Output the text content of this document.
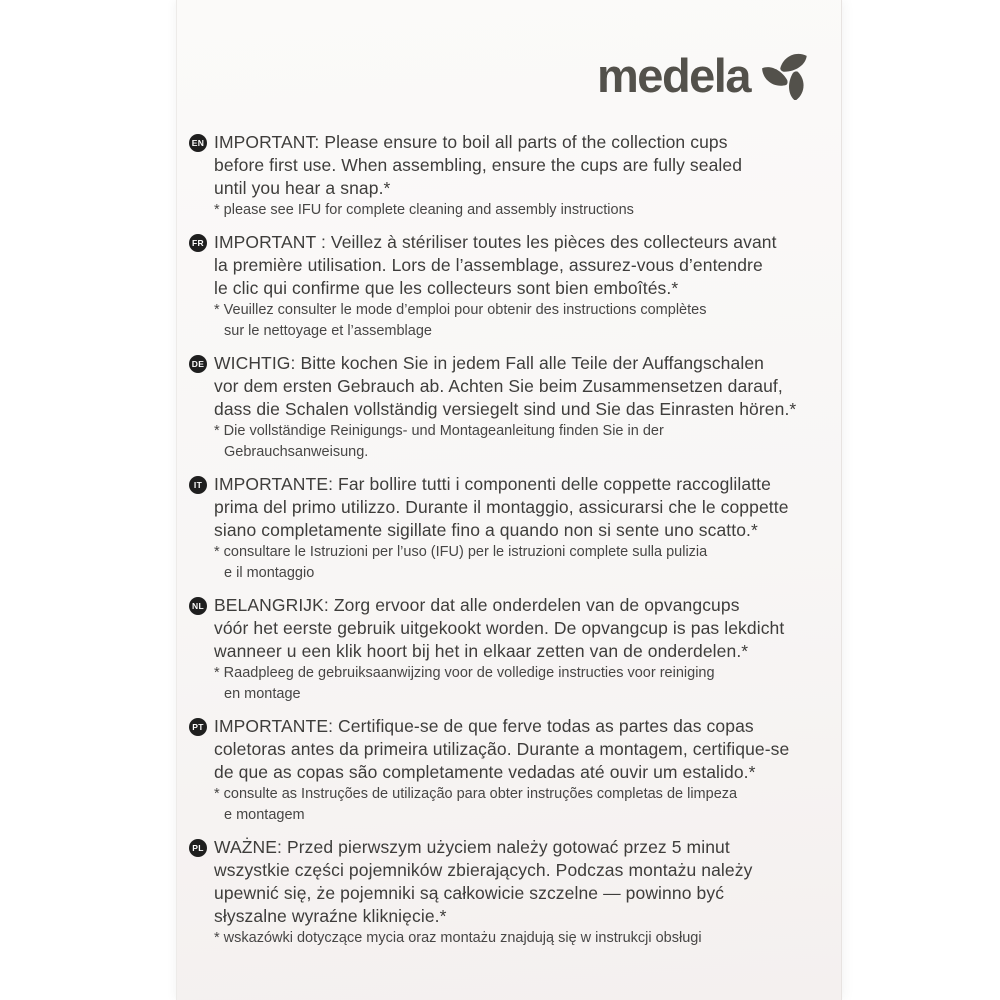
medela
EN IMPORTANT: Please ensure to boil all parts of the collection cups
before first use. When assembling, ensure the cups are fully sealed
until you hear a snap.*
* please see IFU for complete cleaning and assembly instructions
FR IMPORTANT : Veillez à stériliser toutes les pièces des collecteurs avant
la première utilisation. Lors de l’assemblage, assurez-vous d’entendre
le clic qui confirme que les collecteurs sont bien emboîtés.*
* Veuillez consulter le mode d’emploi pour obtenir des instructions complètes
sur le nettoyage et l’assemblage
DE WICHTIG: Bitte kochen Sie in jedem Fall alle Teile der Auffangschalen
vor dem ersten Gebrauch ab. Achten Sie beim Zusammensetzen darauf,
dass die Schalen vollständig versiegelt sind und Sie das Einrasten hören.*
* Die vollständige Reinigungs- und Montageanleitung finden Sie in der
Gebrauchsanweisung.
IT IMPORTANTE: Far bollire tutti i componenti delle coppette raccoglilatte
prima del primo utilizzo. Durante il montaggio, assicurarsi che le coppette
siano completamente sigillate fino a quando non si sente uno scatto.*
* consultare le Istruzioni per l’uso (IFU) per le istruzioni complete sulla pulizia
e il montaggio
NL BELANGRIJK: Zorg ervoor dat alle onderdelen van de opvangcups
vóór het eerste gebruik uitgekookt worden. De opvangcup is pas lekdicht
wanneer u een klik hoort bij het in elkaar zetten van de onderdelen.*
* Raadpleeg de gebruiksaanwijzing voor de volledige instructies voor reiniging
en montage
PT IMPORTANTE: Certifique-se de que ferve todas as partes das copas
coletoras antes da primeira utilização. Durante a montagem, certifique-se
de que as copas são completamente vedadas até ouvir um estalido.*
* consulte as Instruções de utilização para obter instruções completas de limpeza
e montagem
PL WAŻNE: Przed pierwszym użyciem należy gotować przez 5 minut
wszystkie części pojemników zbierających. Podczas montażu należy
upewnić się, że pojemniki są całkowicie szczelne — powinno być
słyszalne wyraźne kliknięcie.*
* wskazówki dotyczące mycia oraz montażu znajdują się w instrukcji obsługi
